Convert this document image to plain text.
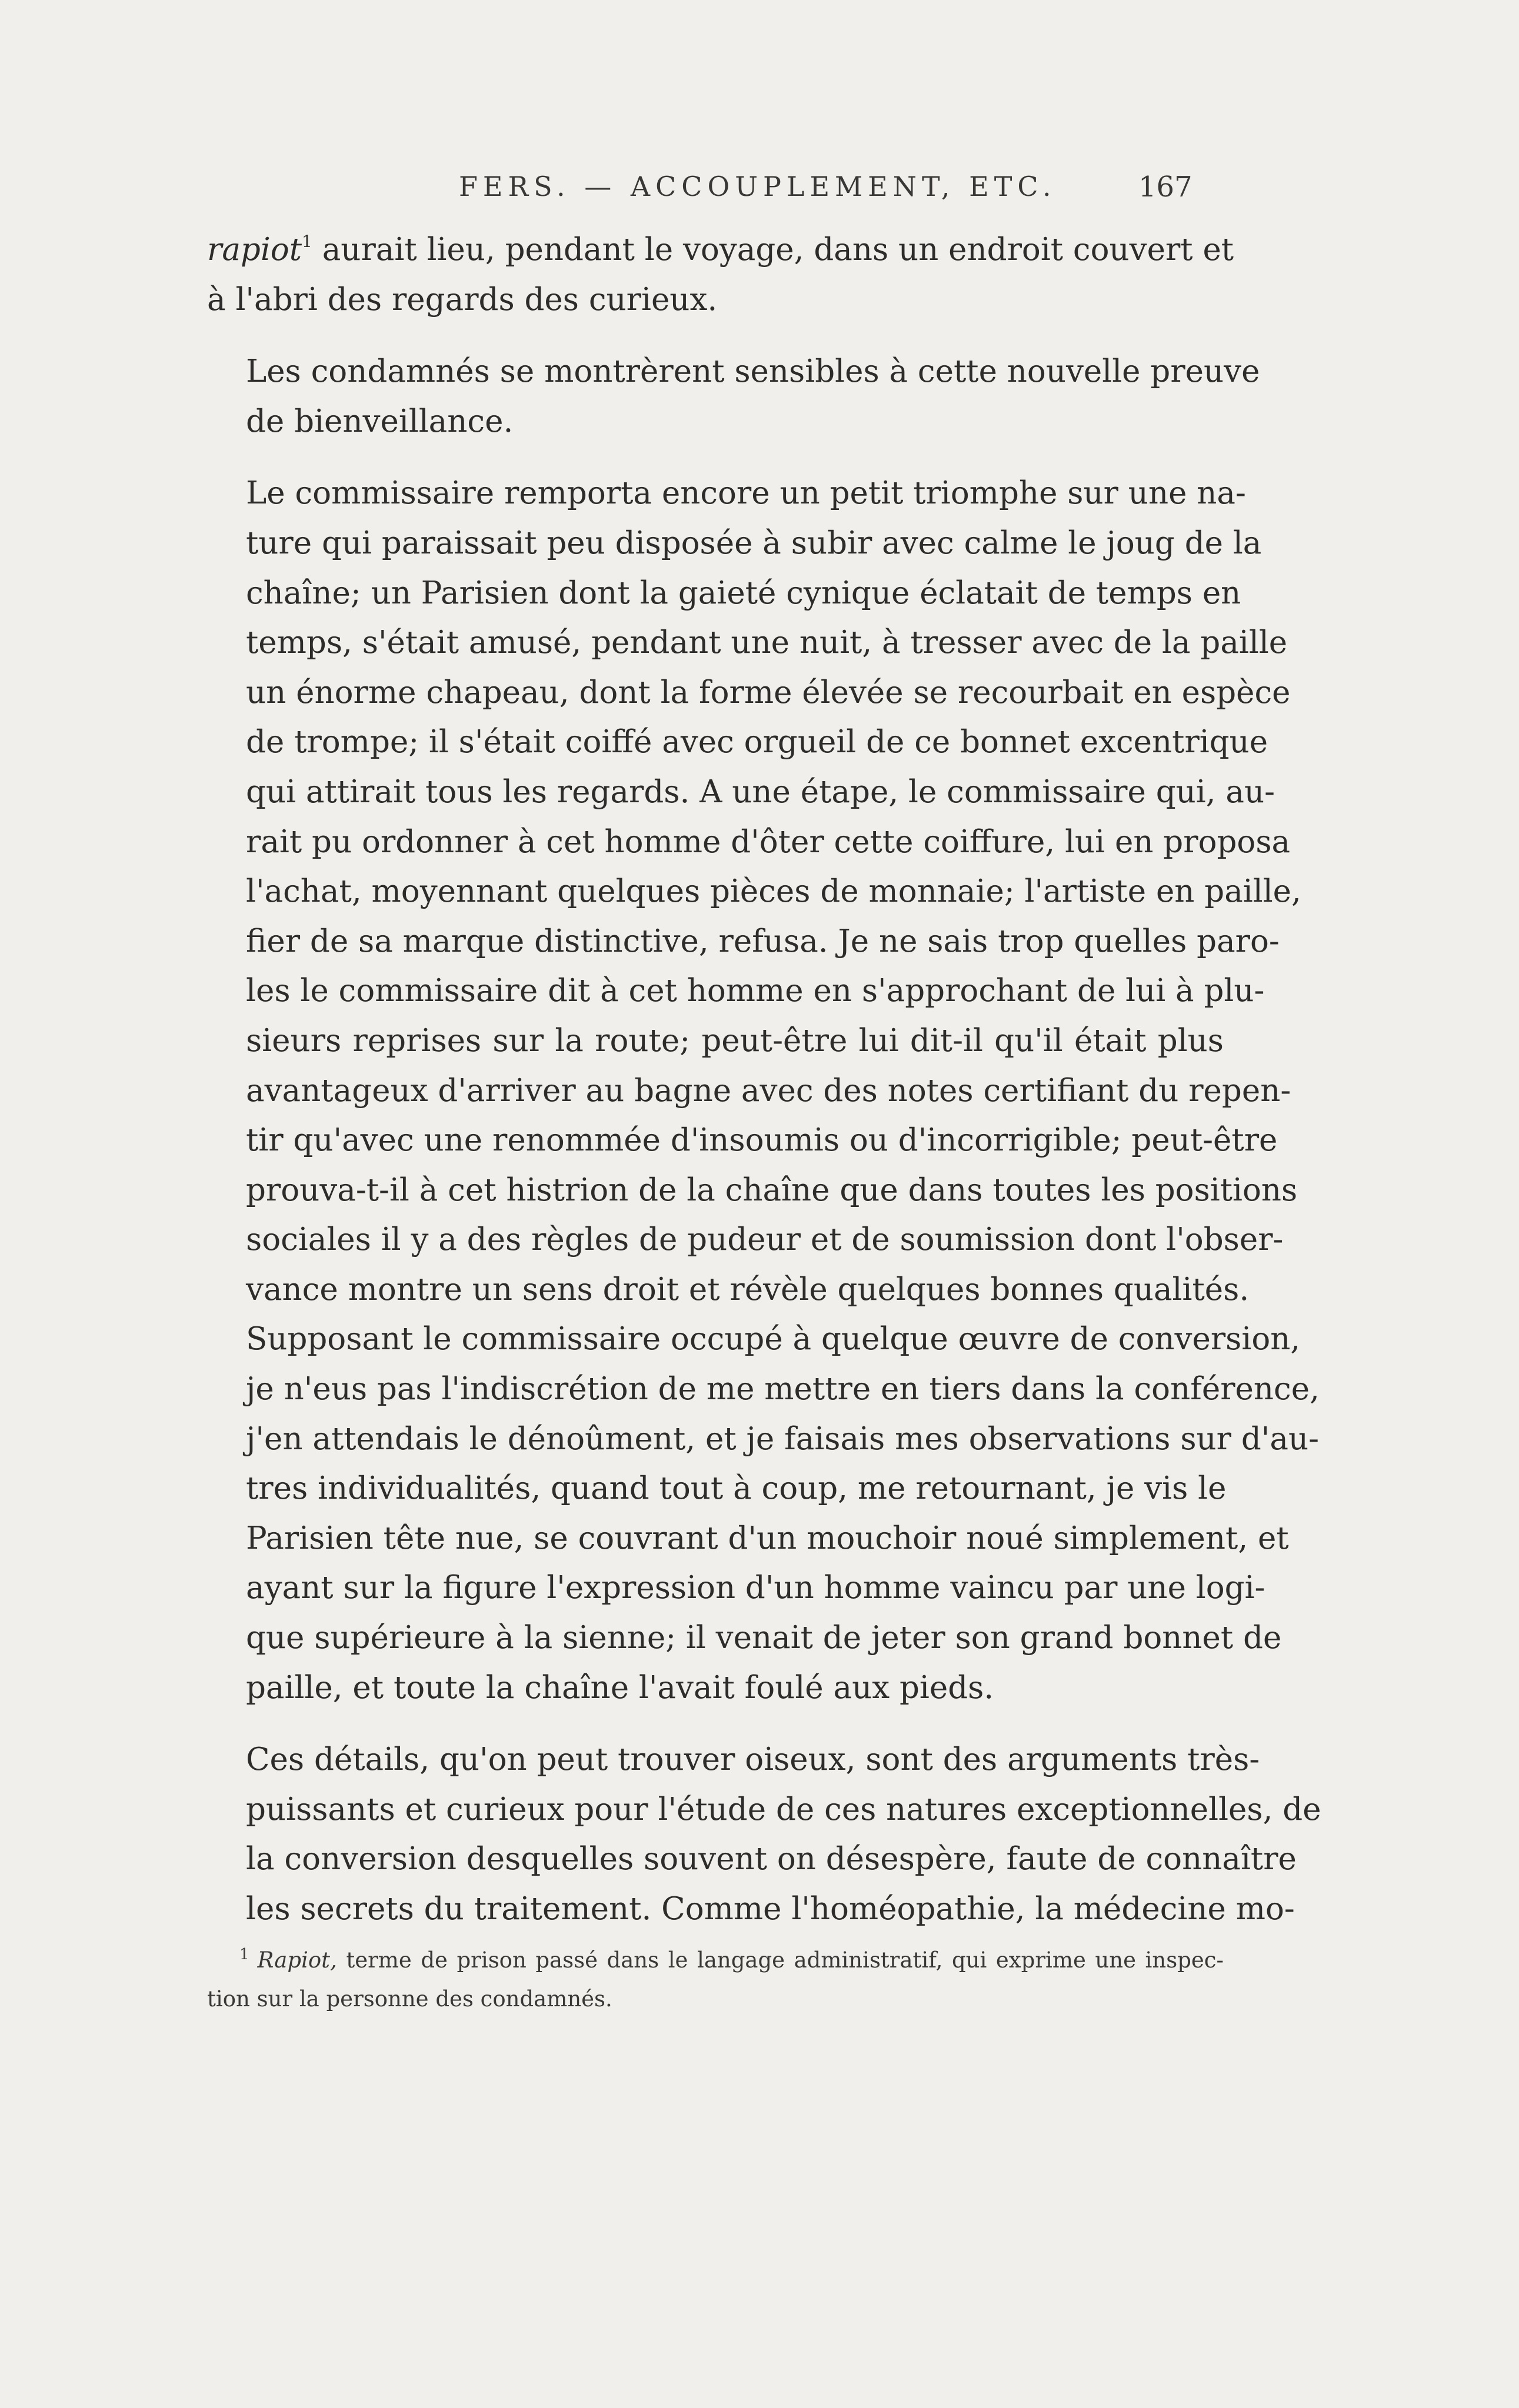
FERS. — ACCOUPLEMENT, ETC.	167

rapiot$^1$ aurait lieu, pendant le voyage, dans un endroit couvert et
à l'abri des regards des curieux.

Les condamnés se montrèrent sensibles à cette nouvelle preuve
de bienveillance.

Le commissaire remporta encore un petit triomphe sur une na-
ture qui paraissait peu disposée à subir avec calme le joug de la
chaîne; un Parisien dont la gaieté cynique éclatait de temps en
temps, s'était amusé, pendant une nuit, à tresser avec de la paille
un énorme chapeau, dont la forme élevée se recourbait en espèce
de trompe; il s'était coiffé avec orgueil de ce bonnet excentrique
qui attirait tous les regards. A une étape, le commissaire qui, au-
rait pu ordonner à cet homme d'ôter cette coiffure, lui en proposa
l'achat, moyennant quelques pièces de monnaie; l'artiste en paille,
fier de sa marque distinctive, refusa. Je ne sais trop quelles paro-
les le commissaire dit à cet homme en s'approchant de lui à plu-
sieurs reprises sur la route; peut-être lui dit-il qu'il était plus
avantageux d'arriver au bagne avec des notes certifiant du repen-
tir qu'avec une renommée d'insoumis ou d'incorrigible; peut-être
prouva-t-il à cet histrion de la chaîne que dans toutes les positions
sociales il y a des règles de pudeur et de soumission dont l'obser-
vance montre un sens droit et révèle quelques bonnes qualités.
Supposant le commissaire occupé à quelque œuvre de conversion,
je n'eus pas l'indiscrétion de me mettre en tiers dans la conférence,
j'en attendais le dénoûment, et je faisais mes observations sur d'au-
tres individualités, quand tout à coup, me retournant, je vis le
Parisien tête nue, se couvrant d'un mouchoir noué simplement, et
ayant sur la figure l'expression d'un homme vaincu par une logi-
que supérieure à la sienne; il venait de jeter son grand bonnet de
paille, et toute la chaîne l'avait foulé aux pieds.

Ces détails, qu'on peut trouver oiseux, sont des arguments très-
puissants et curieux pour l'étude de ces natures exceptionnelles, de
la conversion desquelles souvent on désespère, faute de connaître
les secrets du traitement. Comme l'homéopathie, la médecine mo-

$^1$ Rapiot, terme de prison passé dans le langage administratif, qui exprime une inspec-
tion sur la personne des condamnés.
